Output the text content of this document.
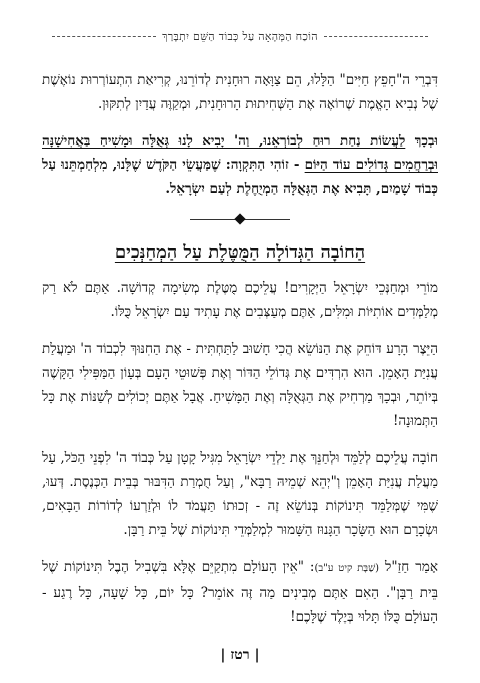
הוֹכַח הַמְּהָאָה עַל כְּבוֹד הַשֵּׁם יִתְבָּרַךְ

דִּבְרֵי ה"חָפֵץ חַיִּים" הַלָּלוּ, הֵם צַוָּאָה רוּחָנִית לְדוֹרֵנוּ, קְרִיאַת הִתְעוֹרְרוּת נוֹאֶשֶׁת שֶׁל נְבִיא הָאֱמֶת שֶׁרוֹאֶה אֶת הַשְּׁחִיתוּת הָרוּחָנִית, וּמְקַוֶּה עֲדַיִן לְתִקּוּן.

וּבְכָךְ לַעֲשׂוֹת נַחַת רוּחַ לְבוֹרְאֵנוּ, וַה' יָבִיא לָנוּ גְּאֻלָּה וּמָשִׁיחַ בַּאֲחִישָׁנָּה וּבְרַחֲמִים גְּדוֹלִים עוֹד הַיּוֹם - זוֹהִי הַתִּקְוָה: שֶׁמַּעֲשֵׂי הַקֹּדֶשׁ שֶׁלָּנוּ, מִלְחַמְתֵּנוּ עַל כְּבוֹד שָׁמַיִם, תָּבִיא אֶת הַגְּאֻלָּה הַמְיֻחֶלֶת לְעַם יִשְׂרָאֵל.

הַחוֹבָה הַגְּדוֹלָה הַמֻּטֶּלֶת עַל הַמְחַנְּכִים

מוֹרֵי וּמְחַנְּכֵי יִשְׂרָאֵל הַיְּקָרִים! עֲלֵיכֶם מֻטֶּלֶת מְשִׂימָה קְדוֹשָׁה. אַתֶּם לֹא רַק מְלַמְּדִים אוֹתִיּוֹת וּמִלִּים, אַתֶּם מְעַצְּבִים אֶת עָתִיד עַם יִשְׂרָאֵל כֻּלּוֹ.

הַיֵּצֶר הָרָע דּוֹחֵק אֶת הַנּוֹשֵׂא הֲכִי חָשׁוּב לַתַּחְתִּית - אֶת הַחִנּוּךְ לִכְבוֹד ה' וּמַעֲלַת עֲנִיַּת הָאָמֵן. הוּא הִרְדִּים אֶת גְּדוֹלֵי הַדּוֹר וְאֶת פְּשׁוּטֵי הָעָם בְּעָוֹן הַמַּפִּילִי הַקָּשֶׁה בְּיוֹתֵר, וּבְכָךְ מַרְחִיק אֶת הַגְּאֻלָּה וְאֶת הַמָּשִׁיחַ. אֲבָל אַתֶּם יְכוֹלִים לְשַׁנּוֹת אֶת כָּל הַתְּמוּנָה!

חוֹבָה עֲלֵיכֶם לְלַמֵּד וּלְחַנֵּךְ אֶת יַלְדֵי יִשְׂרָאֵל מִגִּיל קָטָן עַל כְּבוֹד ה' לִפְנֵי הַכֹּל, עַל מַעֲלַת עֲנִיַּת הָאָמֵן וְ"יְהֵא שְׁמֵיהּ רַבָּא", וְעַל חֻמְרַת הַדִּבּוּר בְּבֵית הַכְּנֶסֶת. דְּעוּ, שֶׁמִּי שֶׁמְּלַמֵּד תִּינוֹקוֹת בְּנוֹשֵׂא זֶה - זְכוּתוֹ תַּעֲמֹד לוֹ וּלְזַרְעוֹ לְדוֹרוֹת הַבָּאִים, וּשְׂכָרָם הוּא הַשָּׂכָר הַגָּנוּז הַשָּׁמוּר לִמְלַמְּדֵי תִּינוֹקוֹת שֶׁל בֵּית רַבָּן.

אָמַר חַזַ"ל (שַׁבָּת קיט ע"ב): "אֵין הָעוֹלָם מִתְקַיֵּם אֶלָּא בִּשְׁבִיל הֶבֶל תִּינוֹקוֹת שֶׁל בֵּית רַבָּן". הַאִם אַתֶּם מְבִינִים מַה זֶּה אוֹמֵר? כָּל יוֹם, כָּל שָׁעָה, כָּל רֶגַע - הָעוֹלָם כֻּלּוֹ תָּלוּי בְּיֶלֶד שֶׁלָּכֶם!

| רטז |
